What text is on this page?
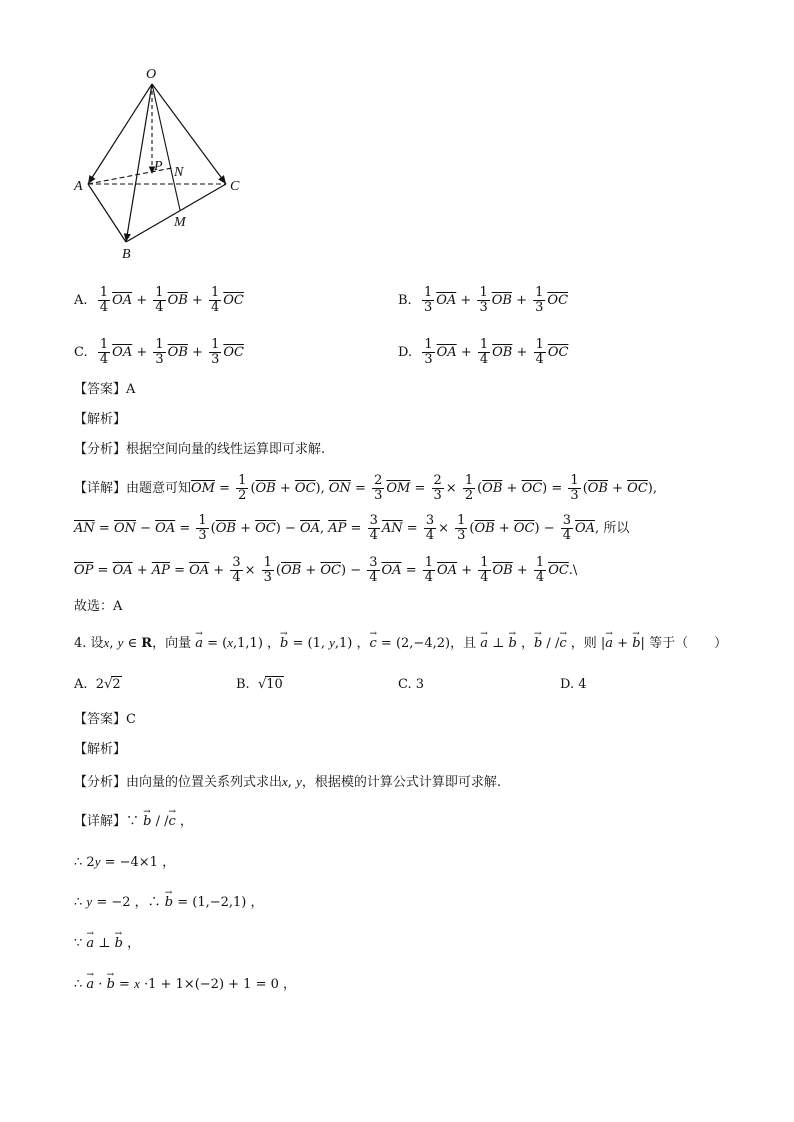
O
A
B
C
P N
M
A. $\frac{1}{4} \overline{OA} + \frac{1}{4} \overline{OB} + \frac{1}{4} \overline{OC}$	B. $\frac{1}{3} \overline{OA} + \frac{1}{3} \overline{OB} + \frac{1}{3} \overline{OC}$
C. $\frac{1}{4} \overline{OA} + \frac{1}{3} \overline{OB} + \frac{1}{3} \overline{OC}$	D. $\frac{1}{3} \overline{OA} + \frac{1}{4} \overline{OB} + \frac{1}{4} \overline{OC}$
【答案】A
【解析】
【分析】根据空间向量的线性运算即可求解.
【详解】由题意可知$\overline{OM} = \frac{1}{2} (\overline{OB} + \overline{OC})$, $\overline{ON} = \frac{2}{3} \overline{OM} = \frac{2}{3} \times \frac{1}{2} (\overline{OB} + \overline{OC}) = \frac{1}{3} (\overline{OB} + \overline{OC})$,
$\overline{AN} = \overline{ON} - \overline{OA} = \frac{1}{3} (\overline{OB} + \overline{OC}) - \overline{OA}$, $\overline{AP} = \frac{3}{4} \overline{AN} = \frac{3}{4} \times \frac{1}{3} (\overline{OB} + \overline{OC}) - \frac{3}{4} \overline{OA}$, 所以
$\overline{OP} = \overline{OA} + \overline{AP} = \overline{OA} + \frac{3}{4} \times \frac{1}{3} (\overline{OB} + \overline{OC}) - \frac{3}{4} \overline{OA} = \frac{1}{4} \overline{OA} + \frac{1}{4} \overline{OB} + \frac{1}{4}$ $\overline{OC}.\backslash$
故选：A
4. 设x, y ∈ R，向量 → a = (x,1,1) ，→ b = (1, y,1) ，→ c = (2,−4,2)，且 → a ⊥ → b ，→ b / /→ c ，则 |→ a + → b| 等于（　　）
A.  2√2	B.  √10	C. 3	D. 4
【答案】C
【解析】
【分析】由向量的位置关系列式求出x, y，根据模的计算公式计算即可求解.
【详解】∵ → b / /→ c ，
∴ 2y = −4×1 ，
∴ y = −2 ，∴ → b = (1,−2,1) ，
∵ → a ⊥ → b ，
∴ → a · → b = x ·1 + 1×(−2) + 1 = 0 ，
